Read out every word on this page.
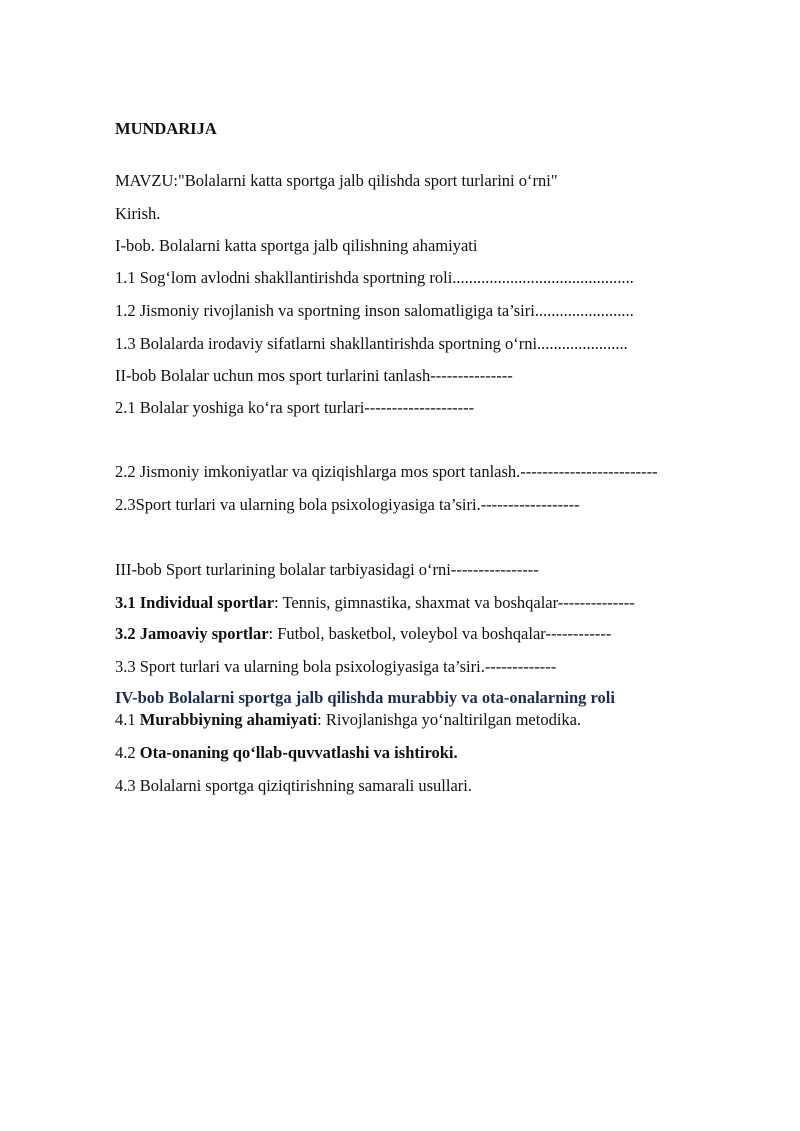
MUNDARIJA
MAVZU:"Bolalarni katta sportga jalb qilishda sport turlarini o‘rni"
Kirish.
I-bob. Bolalarni katta sportga jalb qilishning ahamiyati
1.1 Sog‘lom avlodni shakllantirishda sportning roli............................................
1.2 Jismoniy rivojlanish va sportning inson salomatligiga ta’siri........................
1.3 Bolalarda irodaviy sifatlarni shakllantirishda sportning o‘rni......................
II-bob Bolalar uchun mos sport turlarini tanlash---------------
2.1 Bolalar yoshiga ko‘ra sport turlari--------------------
2.2 Jismoniy imkoniyatlar va qiziqishlarga mos sport tanlash.-------------------------
2.3Sport turlari va ularning bola psixologiyasiga ta’siri.------------------
III-bob Sport turlarining bolalar tarbiyasidagi o‘rni----------------
3.1 Individual sportlar: Tennis, gimnastika, shaxmat va boshqalar--------------
3.2 Jamoaviy sportlar: Futbol, basketbol, voleybol va boshqalar------------
3.3 Sport turlari va ularning bola psixologiyasiga ta’siri.-------------
IV-bob Bolalarni sportga jalb qilishda murabbiy va ota-onalarning roli
4.1 Murabbiyning ahamiyati: Rivojlanishga yo‘naltirilgan metodika.
4.2 Ota-onaning qo‘llab-quvvatlashi va ishtiroki.
4.3 Bolalarni sportga qiziqtirishning samarali usullari.
